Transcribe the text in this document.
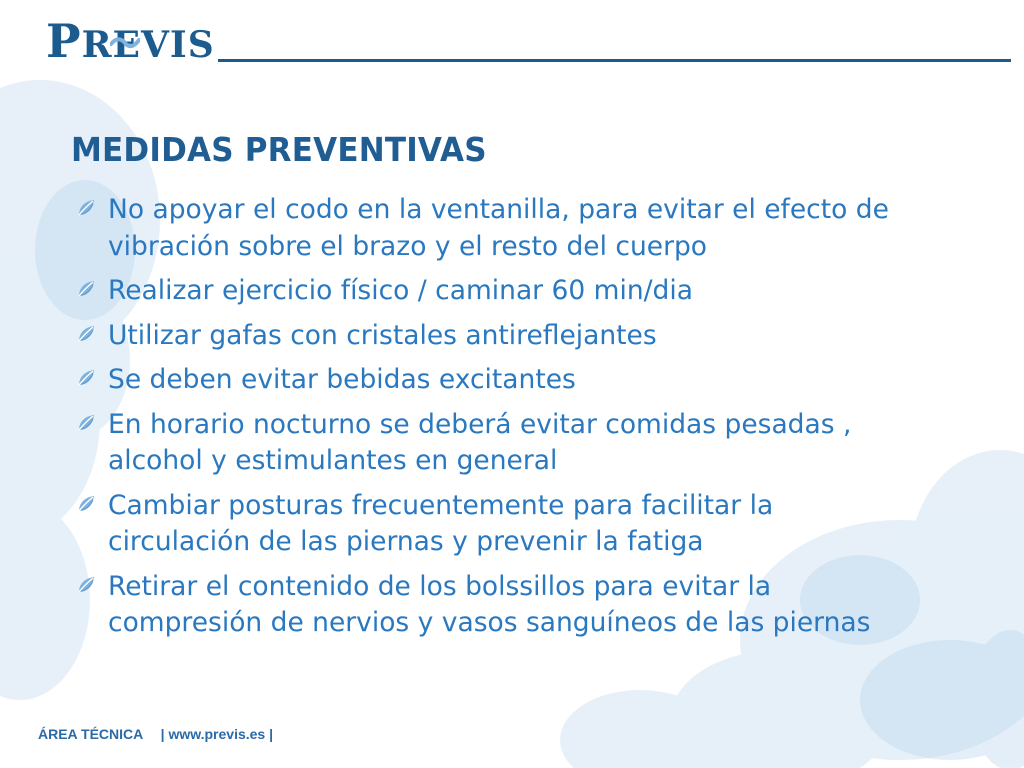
P R E VIS
MEDIDAS PREVENTIVAS
No apoyar el codo en la ventanilla, para evitar el efecto de vibración sobre el brazo y el resto del cuerpo
Realizar ejercicio físico / caminar 60 min/dia
Utilizar gafas con cristales antireflejantes
Se deben evitar bebidas excitantes
En horario nocturno se deberá evitar comidas pesadas , alcohol y estimulantes en general
Cambiar posturas frecuentemente para facilitar la circulación de las piernas y prevenir la fatiga
Retirar el contenido de los bolssillos para evitar la compresión de nervios y vasos sanguíneos de las piernas
ÁREA TÉCNICA | www.previs.es |
